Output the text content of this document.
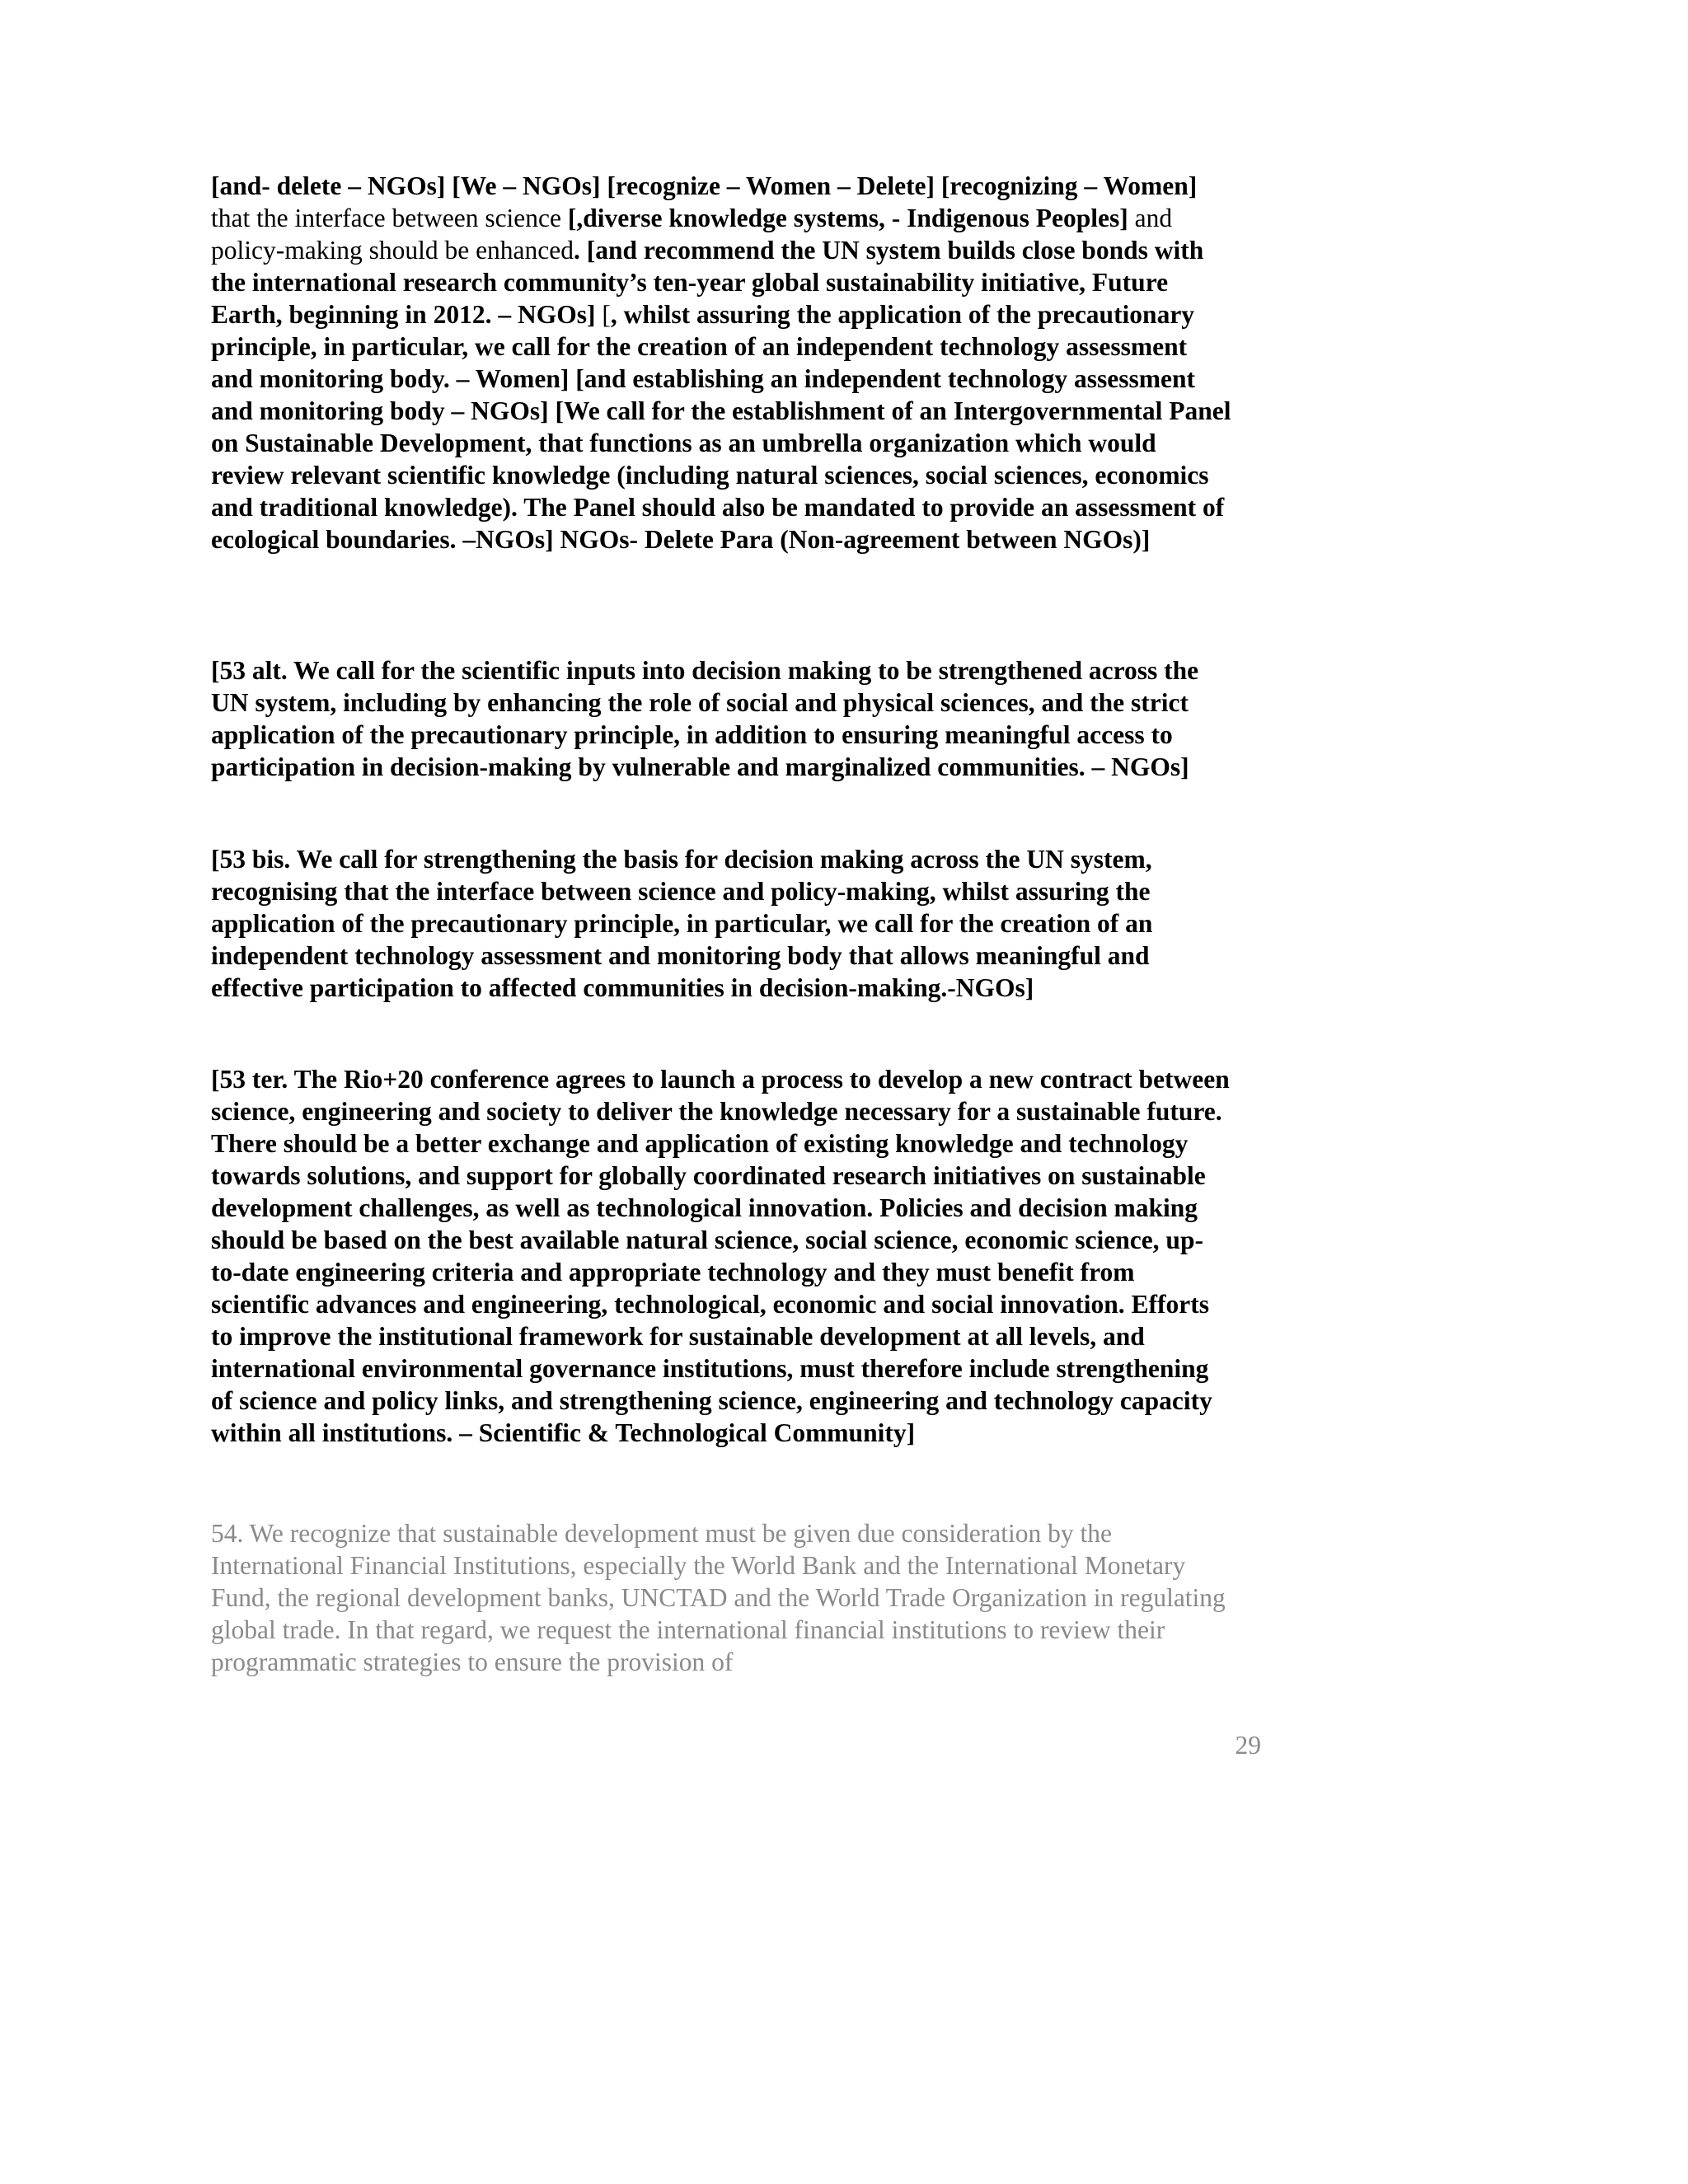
[and- delete – NGOs] [We – NGOs] [recognize – Women – Delete] [recognizing – Women] that the interface between science [,diverse knowledge systems, - Indigenous Peoples] and policy-making should be enhanced. [and recommend the UN system builds close bonds with the international research community’s ten-year global sustainability initiative, Future Earth, beginning in 2012. – NGOs] [, whilst assuring the application of the precautionary principle, in particular, we call for the creation of an independent technology assessment and monitoring body. – Women] [and establishing an independent technology assessment and monitoring body – NGOs] [We call for the establishment of an Intergovernmental Panel on Sustainable Development, that functions as an umbrella organization which would review relevant scientific knowledge (including natural sciences, social sciences, economics and traditional knowledge). The Panel should also be mandated to provide an assessment of ecological boundaries. –NGOs] NGOs- Delete Para (Non-agreement between NGOs)]

[53 alt. We call for the scientific inputs into decision making to be strengthened across the UN system, including by enhancing the role of social and physical sciences, and the strict application of the precautionary principle, in addition to ensuring meaningful access to participation in decision-making by vulnerable and marginalized communities. – NGOs]

[53 bis. We call for strengthening the basis for decision making across the UN system, recognising that the interface between science and policy-making, whilst assuring the application of the precautionary principle, in particular, we call for the creation of an independent technology assessment and monitoring body that allows meaningful and effective participation to affected communities in decision-making.-NGOs]

[53 ter. The Rio+20 conference agrees to launch a process to develop a new contract between science, engineering and society to deliver the knowledge necessary for a sustainable future. There should be a better exchange and application of existing knowledge and technology towards solutions, and support for globally coordinated research initiatives on sustainable development challenges, as well as technological innovation. Policies and decision making should be based on the best available natural science, social science, economic science, up-to-date engineering criteria and appropriate technology and they must benefit from scientific advances and engineering, technological, economic and social innovation. Efforts to improve the institutional framework for sustainable development at all levels, and international environmental governance institutions, must therefore include strengthening of science and policy links, and strengthening science, engineering and technology capacity within all institutions. – Scientific & Technological Community]

54. We recognize that sustainable development must be given due consideration by the International Financial Institutions, especially the World Bank and the International Monetary Fund, the regional development banks, UNCTAD and the World Trade Organization in regulating global trade. In that regard, we request the international financial institutions to review their programmatic strategies to ensure the provision of

29
